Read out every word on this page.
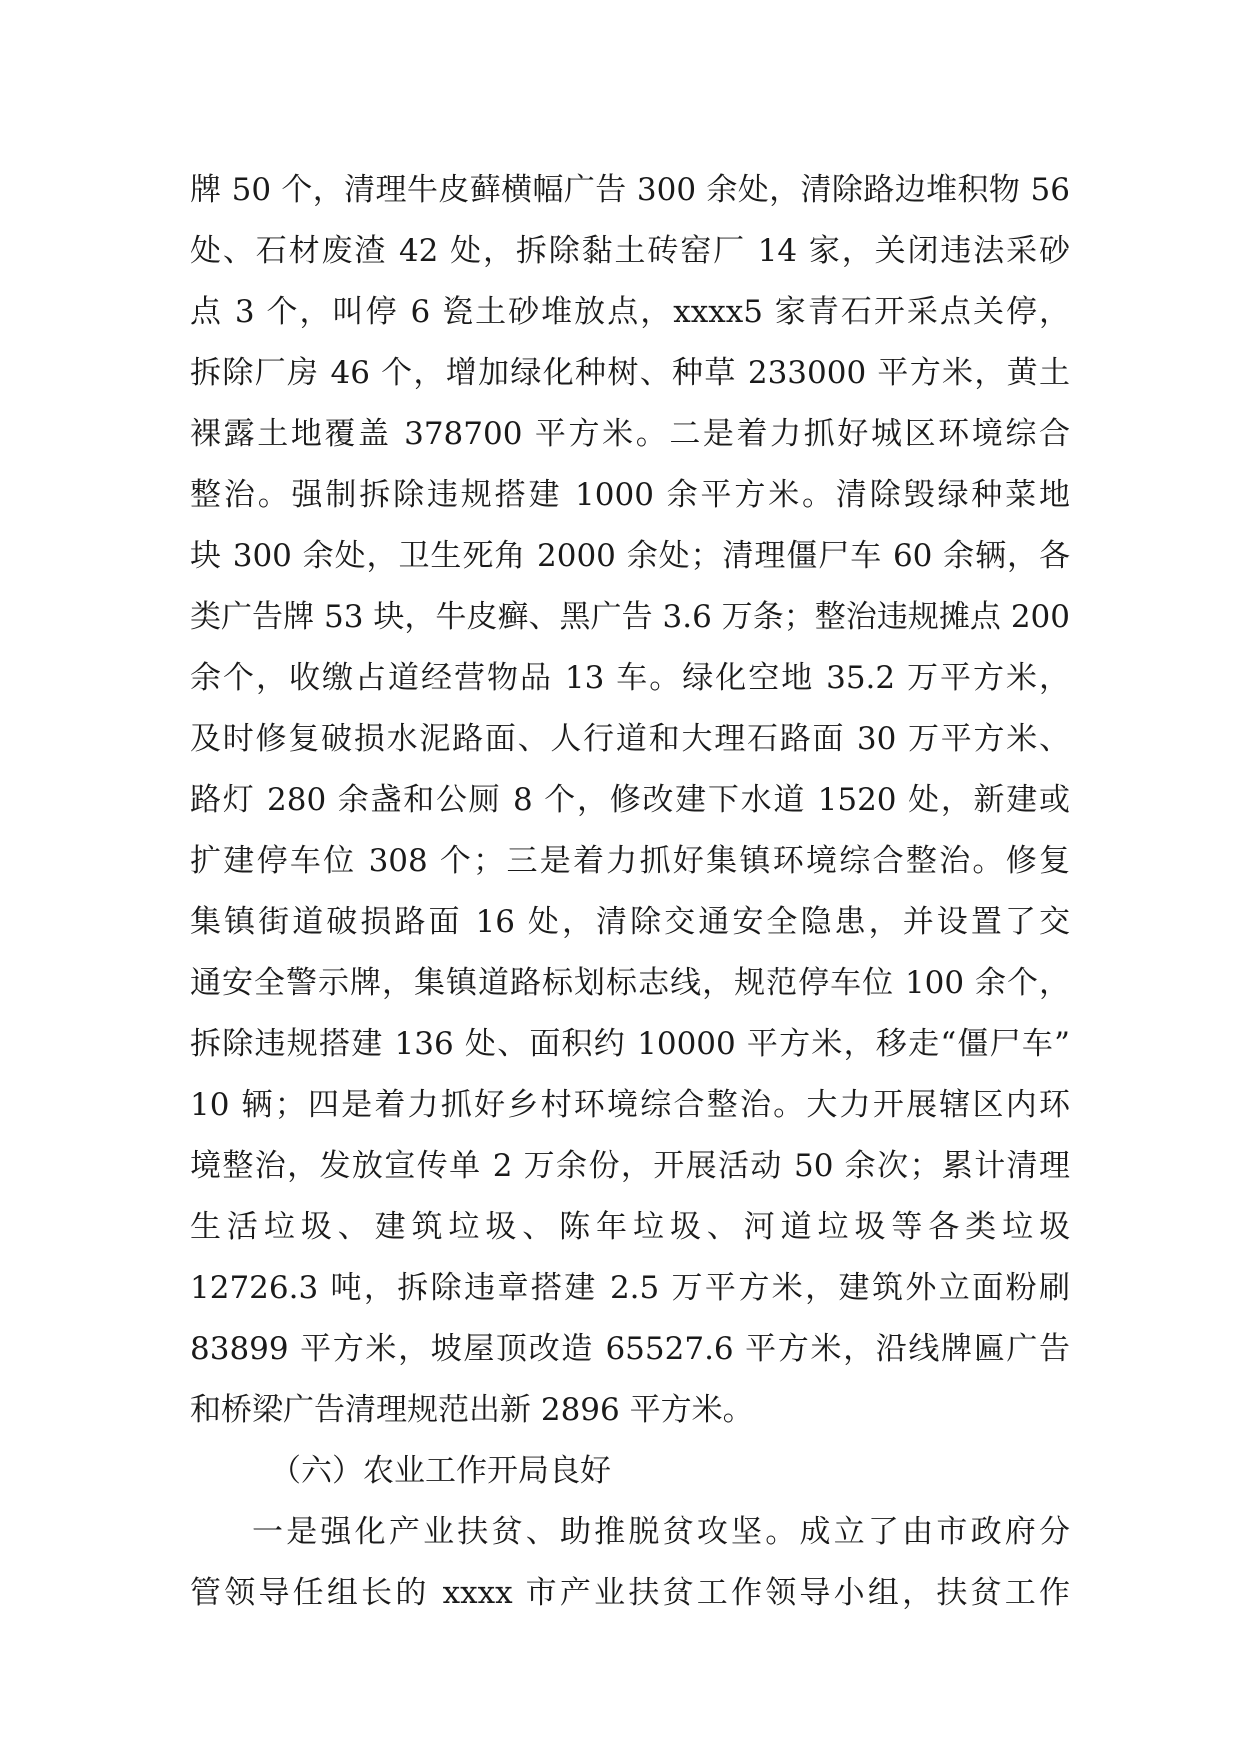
牌 50 个，清理牛皮藓横幅广告 300 余处，清除路边堆积物 56
处、石材废渣 42 处，拆除黏土砖窑厂 14 家，关闭违法采砂
点 3 个，叫停 6 瓷土砂堆放点，xxxx5 家青石开采点关停，
拆除厂房 46 个，增加绿化种树、种草 233000 平方米，黄土
裸露土地覆盖 378700 平方米。二是着力抓好城区环境综合
整治。强制拆除违规搭建 1000 余平方米。清除毁绿种菜地
块 300 余处，卫生死角 2000 余处；清理僵尸车 60 余辆，各
类广告牌 53 块，牛皮癣、黑广告 3.6 万条；整治违规摊点 200
余个，收缴占道经营物品 13 车。绿化空地 35.2 万平方米，
及时修复破损水泥路面、人行道和大理石路面 30 万平方米、
路灯 280 余盏和公厕 8 个，修改建下水道 1520 处，新建或
扩建停车位 308 个；三是着力抓好集镇环境综合整治。修复
集镇街道破损路面 16 处，清除交通安全隐患，并设置了交
通安全警示牌，集镇道路标划标志线，规范停车位 100 余个，
拆除违规搭建 136 处、面积约 10000 平方米，移走“僵尸车”
10 辆；四是着力抓好乡村环境综合整治。大力开展辖区内环
境整治，发放宣传单 2 万余份，开展活动 50 余次；累计清理
生活垃圾、建筑垃圾、陈年垃圾、河道垃圾等各类垃圾
12726.3 吨，拆除违章搭建 2.5 万平方米，建筑外立面粉刷
83899 平方米，坡屋顶改造 65527.6 平方米，沿线牌匾广告
和桥梁广告清理规范出新 2896 平方米。
（六）农业工作开局良好
一是强化产业扶贫、助推脱贫攻坚。成立了由市政府分
管领导任组长的 xxxx 市产业扶贫工作领导小组，扶贫工作
